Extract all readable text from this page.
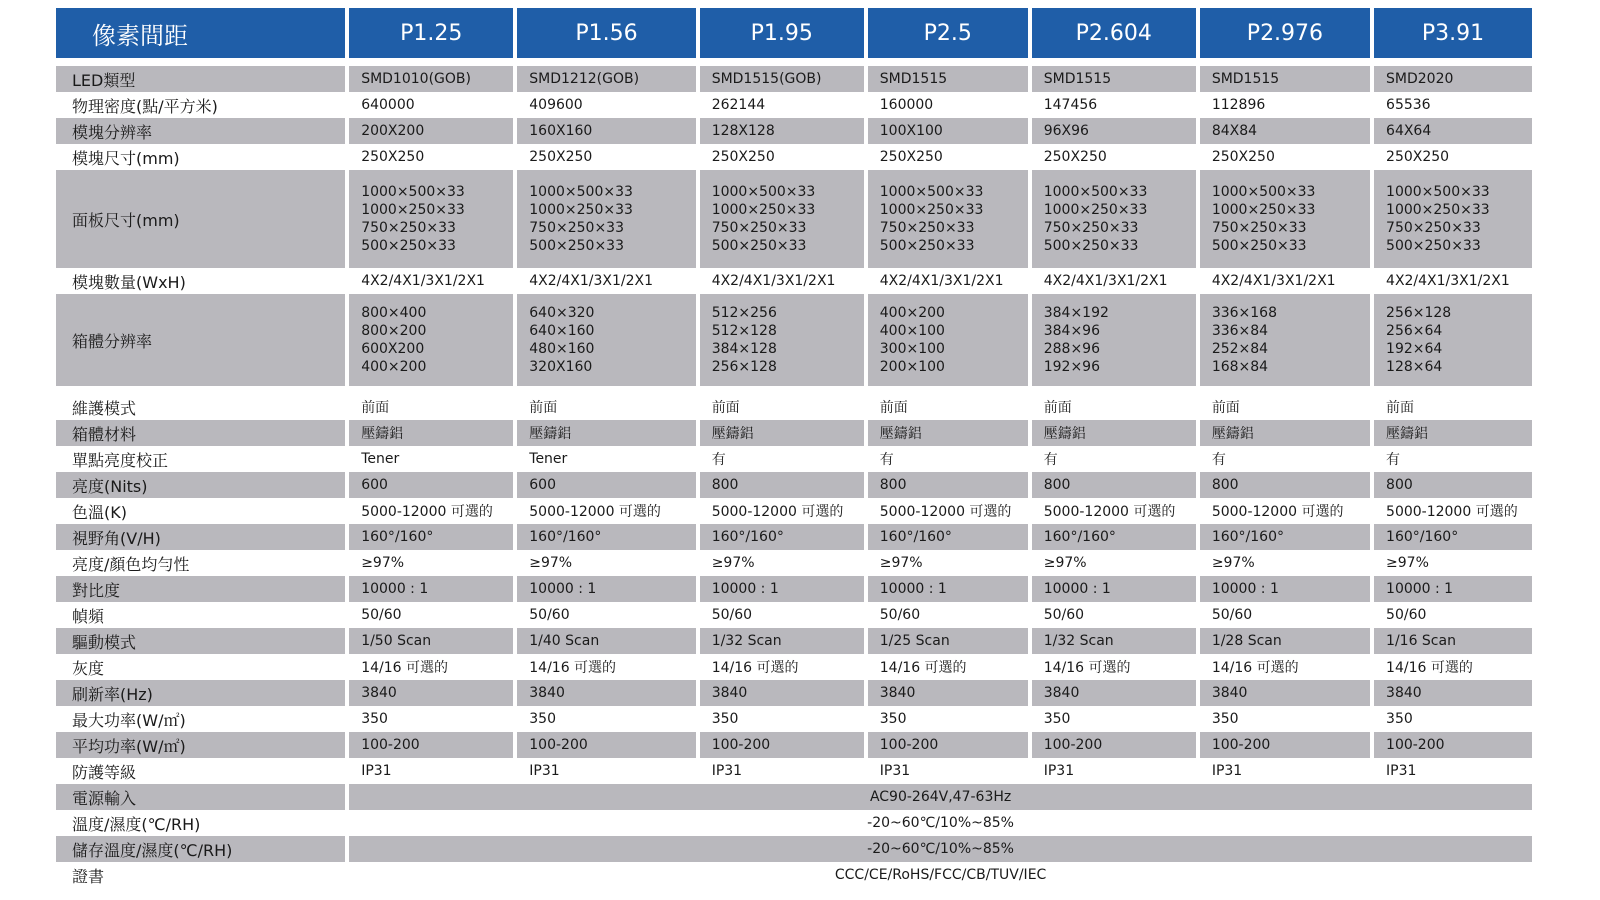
像素間距	P1.25	P1.56	P1.95	P2.5	P2.604	P2.976	P3.91

LED類型	SMD1010(GOB)	SMD1212(GOB)	SMD1515(GOB)	SMD1515	SMD1515	SMD1515	SMD2020
物理密度(點/平方米)	640000	409600	262144	160000	147456	112896	65536
模塊分辨率	200X200	160X160	128X128	100X100	96X96	84X84	64X64
模塊尺寸(mm)	250X250	250X250	250X250	250X250	250X250	250X250	250X250
面板尺寸(mm)	1000×500×33
1000×250×33
750×250×33
500×250×33	1000×500×33
1000×250×33
750×250×33
500×250×33	1000×500×33
1000×250×33
750×250×33
500×250×33	1000×500×33
1000×250×33
750×250×33
500×250×33	1000×500×33
1000×250×33
750×250×33
500×250×33	1000×500×33
1000×250×33
750×250×33
500×250×33	1000×500×33
1000×250×33
750×250×33
500×250×33

模塊數量(WxH)	4X2/4X1/3X1/2X1	4X2/4X1/3X1/2X1	4X2/4X1/3X1/2X1	4X2/4X1/3X1/2X1	4X2/4X1/3X1/2X1	4X2/4X1/3X1/2X1	4X2/4X1/3X1/2X1
箱體分辨率	800×400
800×200
600X200
400×200	640×320
640×160
480×160
320X160	512×256
512×128
384×128
256×128	400×200
400×100
300×100
200×100	384×192
384×96
288×96
192×96	336×168
336×84
252×84
168×84	256×128
256×64
192×64
128×64

維護模式	前面	前面	前面	前面	前面	前面	前面
箱體材料	壓鑄鋁	壓鑄鋁	壓鑄鋁	壓鑄鋁	壓鑄鋁	壓鑄鋁	壓鑄鋁
單點亮度校正	Tener	Tener	有	有	有	有	有
亮度(Nits)	600	600	800	800	800	800	800
色溫(K)	5000-12000 可選的	5000-12000 可選的	5000-12000 可選的	5000-12000 可選的	5000-12000 可選的	5000-12000 可選的	5000-12000 可選的
視野角(V/H)	160°/160°	160°/160°	160°/160°	160°/160°	160°/160°	160°/160°	160°/160°
亮度/顏色均勻性	≥97%	≥97%	≥97%	≥97%	≥97%	≥97%	≥97%
對比度	10000 : 1	10000 : 1	10000 : 1	10000 : 1	10000 : 1	10000 : 1	10000 : 1
幀頻	50/60	50/60	50/60	50/60	50/60	50/60	50/60
驅動模式	1/50 Scan	1/40 Scan	1/32 Scan	1/25 Scan	1/32 Scan	1/28 Scan	1/16 Scan
灰度	14/16 可選的	14/16 可選的	14/16 可選的	14/16 可選的	14/16 可選的	14/16 可選的	14/16 可選的
刷新率(Hz)	3840	3840	3840	3840	3840	3840	3840
最大功率(W/㎡)	350	350	350	350	350	350	350
平均功率(W/㎡)	100-200	100-200	100-200	100-200	100-200	100-200	100-200
防護等級	IP31	IP31	IP31	IP31	IP31	IP31	IP31
電源輸入	AC90-264V,47-63Hz						
溫度/濕度(℃/RH)	-20~60℃/10%~85%						
儲存溫度/濕度(℃/RH)	-20~60℃/10%~85%						
證書	CCC/CE/RoHS/FCC/CB/TUV/IEC						
